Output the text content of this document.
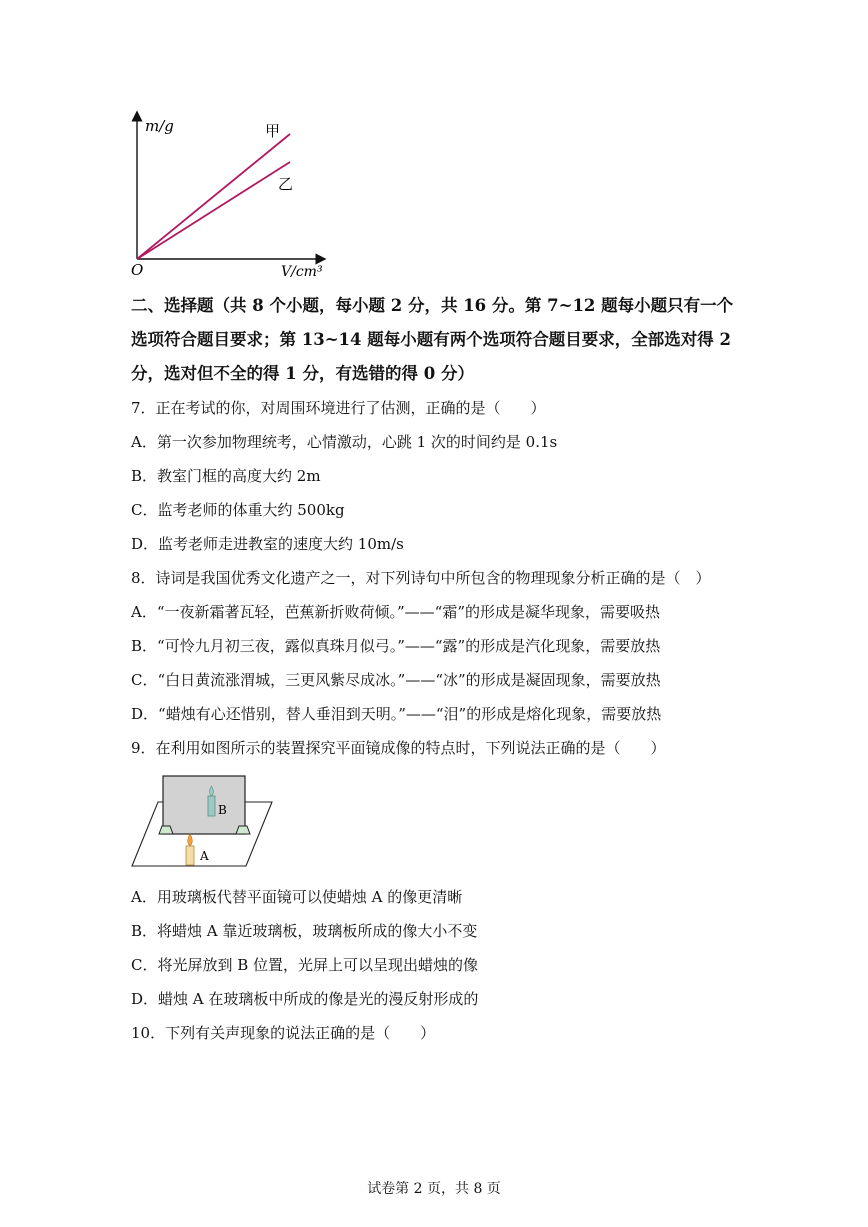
m/g
O	V/cm³
甲
乙
二、选择题（共 8 个小题，每小题 2 分，共 16 分。第 7~12 题每小题只有一个
选项符合题目要求；第 13~14 题每小题有两个选项符合题目要求，全部选对得 2
分，选对但不全的得 1 分，有选错的得 0 分）
7．正在考试的你，对周围环境进行了估测，正确的是（　　）
A．第一次参加物理统考，心情激动，心跳 1 次的时间约是 0.1s
B．教室门框的高度大约 2m
C．监考老师的体重大约 500kg
D．监考老师走进教室的速度大约 10m/s
8．诗词是我国优秀文化遗产之一，对下列诗句中所包含的物理现象分析正确的是（　）
A．“一夜新霜著瓦轻，芭蕉新折败荷倾。”——“霜”的形成是凝华现象，需要吸热
B．“可怜九月初三夜，露似真珠月似弓。”——“露”的形成是汽化现象，需要放热
C．“白日黄流涨渭城，三更风紫尽成冰。”——“冰”的形成是凝固现象，需要放热
D．“蜡烛有心还惜别，替人垂泪到天明。”——“泪”的形成是熔化现象，需要放热
9．在利用如图所示的装置探究平面镜成像的特点时，下列说法正确的是（　　）
B
A
A．用玻璃板代替平面镜可以使蜡烛 A 的像更清晰
B．将蜡烛 A 靠近玻璃板，玻璃板所成的像大小不变
C．将光屏放到 B 位置，光屏上可以呈现出蜡烛的像
D．蜡烛 A 在玻璃板中所成的像是光的漫反射形成的
10．下列有关声现象的说法正确的是（　　）
试卷第 2 页，共 8 页
